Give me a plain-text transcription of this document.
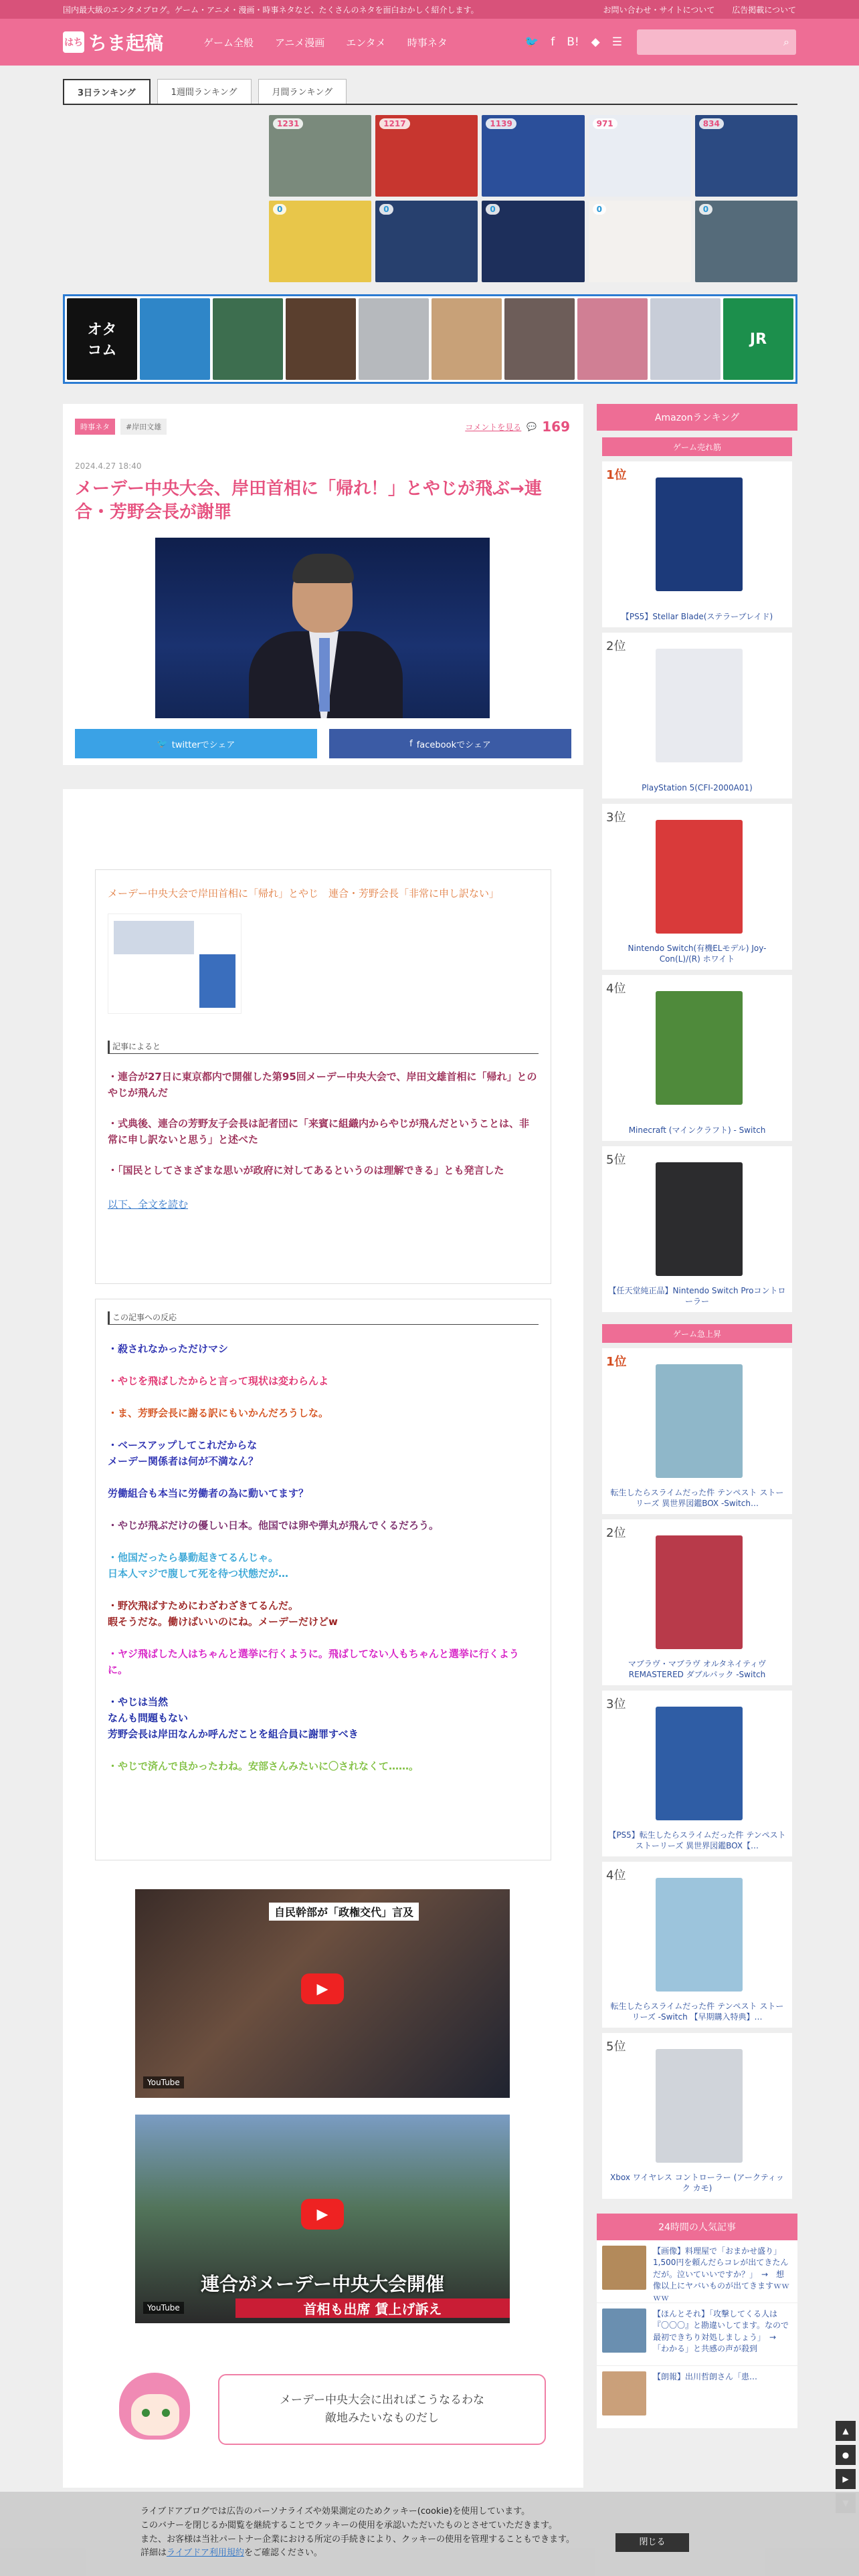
国内最大級のエンタメブログ。ゲーム・アニメ・漫画・時事ネタなど、たくさんのネタを面白おかしく紹介します。	お問い合わせ・サイトについて 広告掲載について
はち ちま起稿	ゲーム全般 アニメ漫画 エンタメ 時事ネタ	🐦 f B! ◆ ☰	⌕
3日ランキング	1週間ランキング	月間ランキング
1231	1217	1139	971	834
0	0	0	0	0
オタ
コム
JR
時事ネタ	#岸田文雄	コメントを見る 💬 169
2024.4.27 18:40
メーデー中央大会、岸田首相に「帰れ！」とやじが飛ぶ→連合・芳野会長が謝罪
🐦 twitterでシェア	f facebookでシェア
メーデー中央大会で岸田首相に「帰れ」とやじ　連合・芳野会長「非常に申し訳ない」
記事によると

・連合が27日に東京都内で開催した第95回メーデー中央大会で、岸田文雄首相に「帰れ」とのやじが飛んだ

・式典後、連合の芳野友子会長は記者団に「来賓に組織内からやじが飛んだということは、非常に申し訳ないと思う」と述べた

・「国民としてさまざまな思いが政府に対してあるというのは理解できる」とも発言した

以下、全文を読む
この記事への反応

・殺されなかっただけマシ

・やじを飛ばしたからと言って現状は変わらんよ

・ま、芳野会長に謝る訳にもいかんだろうしな。

・ベースアップしてこれだからな
メーデー関係者は何が不満なん？

労働組合も本当に労働者の為に動いてます？

・やじが飛ぶだけの優しい日本。他国では卵や弾丸が飛んでくるだろう。

・他国だったら暴動起きてるんじゃ。
日本人マジで腹して死を待つ状態だが…

・野次飛ばすためにわざわざきてるんだ。
暇そうだな。働けばいいのにね。メーデーだけどw

・ヤジ飛ばした人はちゃんと選挙に行くように。飛ばしてない人もちゃんと選挙に行くように。

・やじは当然
なんも問題もない
芳野会長は岸田なんか呼んだことを組合員に謝罪すべき

・やじで済んで良かったわね。安部さんみたいに〇されなくて……。

自民幹部が「政権交代」言及
▶
YouTube
▶
連合がメーデー中央大会開催
首相も出席 賃上げ訴え
YouTube
メーデー中央大会に出ればこうなるわな
敵地みたいなものだし
Amazonランキング
ゲーム売れ筋
1位
【PS5】Stellar Blade(ステラーブレイド)
2位
PlayStation 5(CFI-2000A01)
3位
Nintendo Switch(有機ELモデル) Joy-Con(L)/(R) ホワイト
4位
Minecraft (マインクラフト) - Switch
5位
【任天堂純正品】Nintendo Switch Proコントローラー
ゲーム急上昇
1位
転生したらスライムだった件 テンペスト ストーリーズ 異世界図鑑BOX -Switch…
2位
マブラヴ・マブラヴ オルタネイティヴ REMASTERED ダブルパック -Switch
3位
【PS5】転生したらスライムだった件 テンペストストーリーズ 異世界図鑑BOX【…
4位
転生したらスライムだった件 テンペスト ストーリーズ -Switch 【早期購入特典】…
5位
Xbox ワイヤレス コントローラー (アークティック カモ)
24時間の人気記事
【画像】料理屋で「おまかせ盛り」1,500円を頼んだらコレが出てきたんだが。泣いていいですか？」　→　想像以上にヤバいものが出てきますｗｗｗｗ
【ほんとそれ】「攻撃してくる人は『〇〇〇』と勘違いしてます。なので最初できちり対処しましょう」　→　「わかる」と共感の声が殺到
【朗報】出川哲朗さん「患…
▲
●
▶
ライブドアブログでは広告のパーソナライズや効果測定のためクッキー(cookie)を使用しています。
このバナーを閉じるか閲覧を継続することでクッキーの使用を承認いただいたものとさせていただきます。
また、お客様は当社パートナー企業における所定の手続きにより、クッキーの使用を管理することもできます。
詳細はライブドア利用規約をご確認ください。
閉じる
